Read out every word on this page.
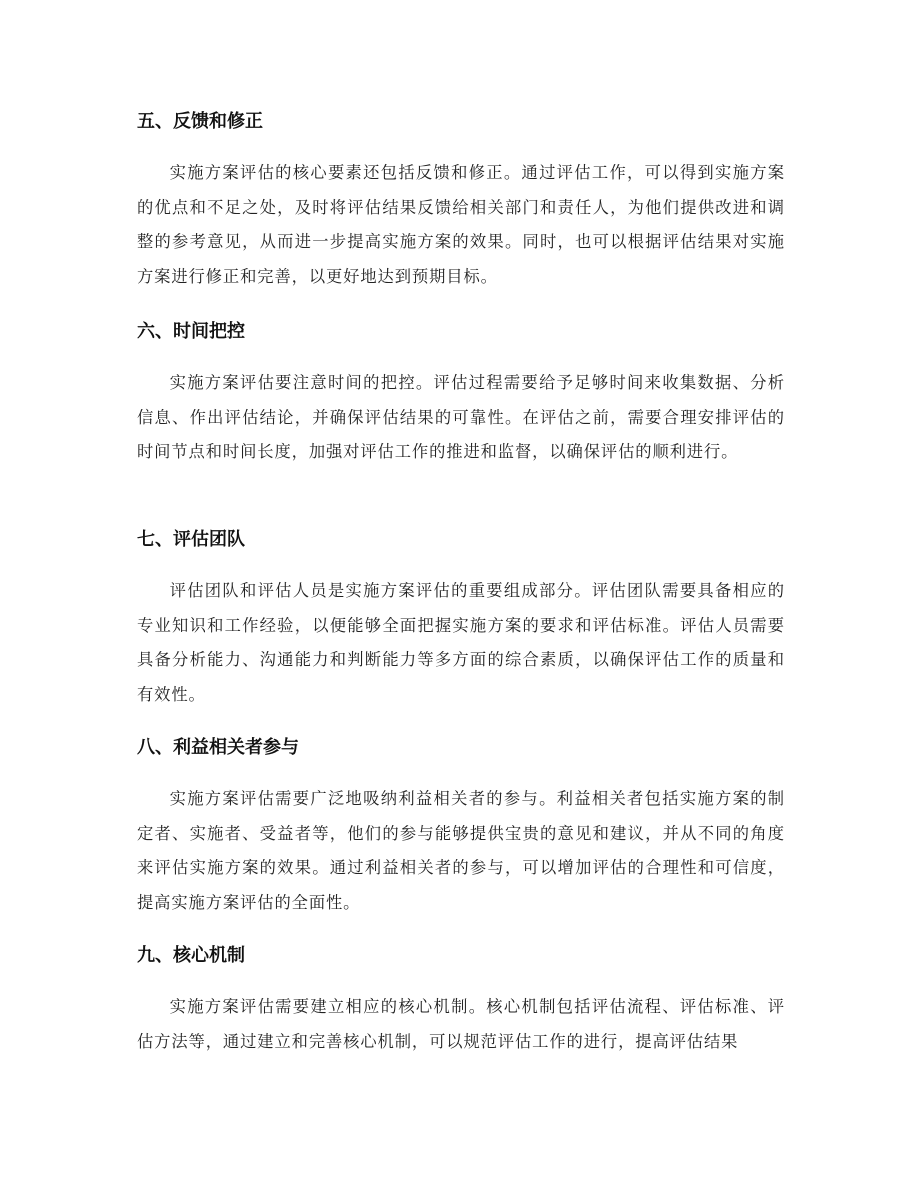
五、反馈和修正

实施方案评估的核心要素还包括反馈和修正。通过评估工作，可以得到实施方案的优点和不足之处，及时将评估结果反馈给相关部门和责任人，为他们提供改进和调整的参考意见，从而进一步提高实施方案的效果。同时，也可以根据评估结果对实施方案进行修正和完善，以更好地达到预期目标。

六、时间把控

实施方案评估要注意时间的把控。评估过程需要给予足够时间来收集数据、分析信息、作出评估结论，并确保评估结果的可靠性。在评估之前，需要合理安排评估的时间节点和时间长度，加强对评估工作的推进和监督，以确保评估的顺利进行。

七、评估团队

评估团队和评估人员是实施方案评估的重要组成部分。评估团队需要具备相应的专业知识和工作经验，以便能够全面把握实施方案的要求和评估标准。评估人员需要具备分析能力、沟通能力和判断能力等多方面的综合素质，以确保评估工作的质量和有效性。

八、利益相关者参与

实施方案评估需要广泛地吸纳利益相关者的参与。利益相关者包括实施方案的制定者、实施者、受益者等，他们的参与能够提供宝贵的意见和建议，并从不同的角度来评估实施方案的效果。通过利益相关者的参与，可以增加评估的合理性和可信度，提高实施方案评估的全面性。

九、核心机制

实施方案评估需要建立相应的核心机制。核心机制包括评估流程、评估标准、评估方法等，通过建立和完善核心机制，可以规范评估工作的进行，提高评估结果
